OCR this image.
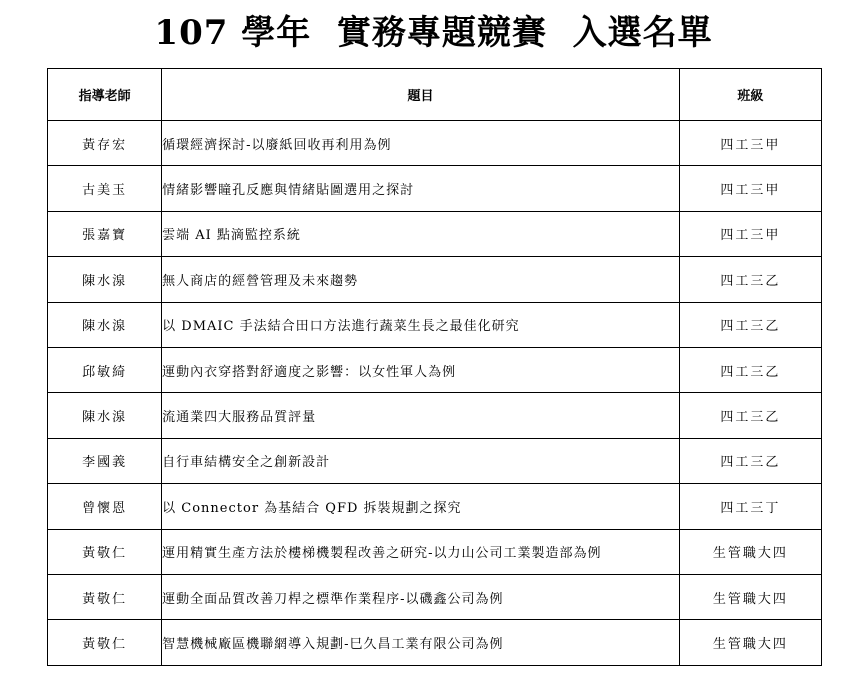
107 學年  實務專題競賽  入選名單
指導老師	題目	班級
黃存宏	循環經濟探討-以廢紙回收再利用為例	四工三甲
古美玉	情緒影響瞳孔反應與情緒貼圖選用之探討	四工三甲
張嘉寶	雲端 AI 點滴監控系統	四工三甲
陳水湶	無人商店的經營管理及未來趨勢	四工三乙
陳水湶	以 DMAIC 手法結合田口方法進行蔬菜生長之最佳化研究	四工三乙
邱敏綺	運動內衣穿搭對舒適度之影響：以女性軍人為例	四工三乙
陳水湶	流通業四大服務品質評量	四工三乙
李國義	自行車結構安全之創新設計	四工三乙
曾懷恩	以 Connector 為基結合 QFD 拆裝規劃之探究	四工三丁
黃敬仁	運用精實生產方法於樓梯機製程改善之研究-以力山公司工業製造部為例	生管職大四
黃敬仁	運動全面品質改善刀桿之標準作業程序-以磯鑫公司為例	生管職大四
黃敬仁	智慧機械廠區機聯網導入規劃-巳久昌工業有限公司為例	生管職大四
